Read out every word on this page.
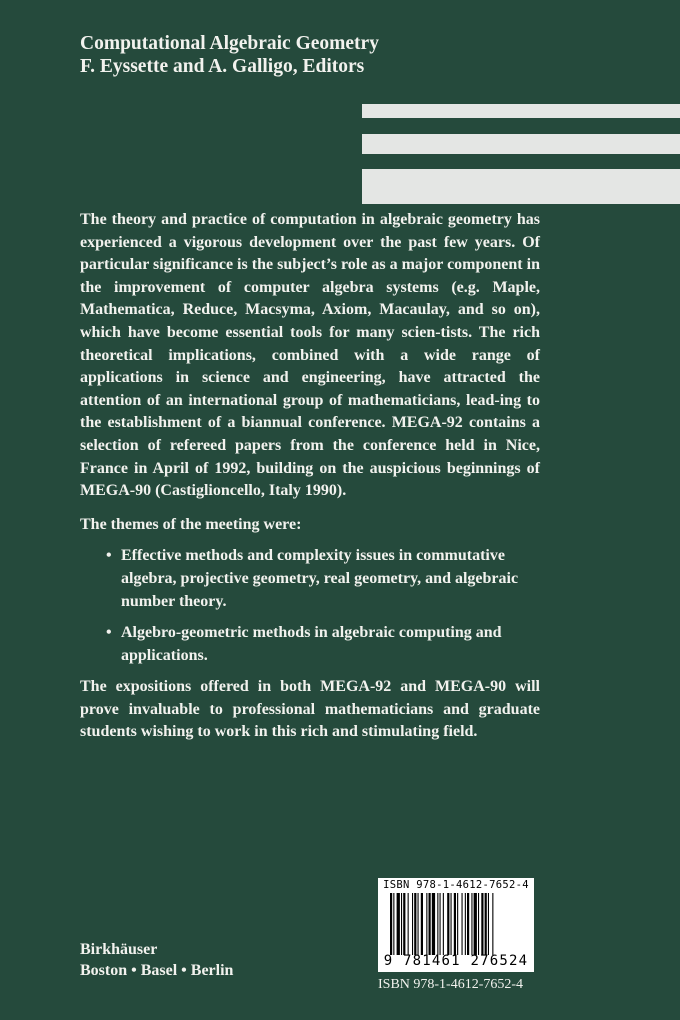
Computational Algebraic Geometry
F. Eyssette and A. Galligo, Editors

The theory and practice of computation in algebraic geometry has experienced a vigorous development over the past few years. Of particular significance is the subject’s role as a major component in the improvement of computer algebra systems (e.g. Maple, Mathematica, Reduce, Macsyma, Axiom, Macaulay, and so on), which have become essential tools for many scien-tists. The rich theoretical implications, combined with a wide range of applications in science and engineering, have attracted the attention of an international group of mathematicians, lead-ing to the establishment of a biannual conference. MEGA-92 contains a selection of refereed papers from the conference held in Nice, France in April of 1992, building on the auspicious beginnings of MEGA-90 (Castiglioncello, Italy 1990).

The themes of the meeting were:

• Effective methods and complexity issues in commutative algebra, projective geometry, real geometry, and algebraic number theory.
• Algebro-geometric methods in algebraic computing and applications.

The expositions offered in both MEGA-92 and MEGA-90 will prove invaluable to professional mathematicians and graduate students wishing to work in this rich and stimulating field.

ISBN 978-1-4612-7652-4
9 781461 276524
ISBN 978-1-4612-7652-4
Birkhäuser
Boston • Basel • Berlin
